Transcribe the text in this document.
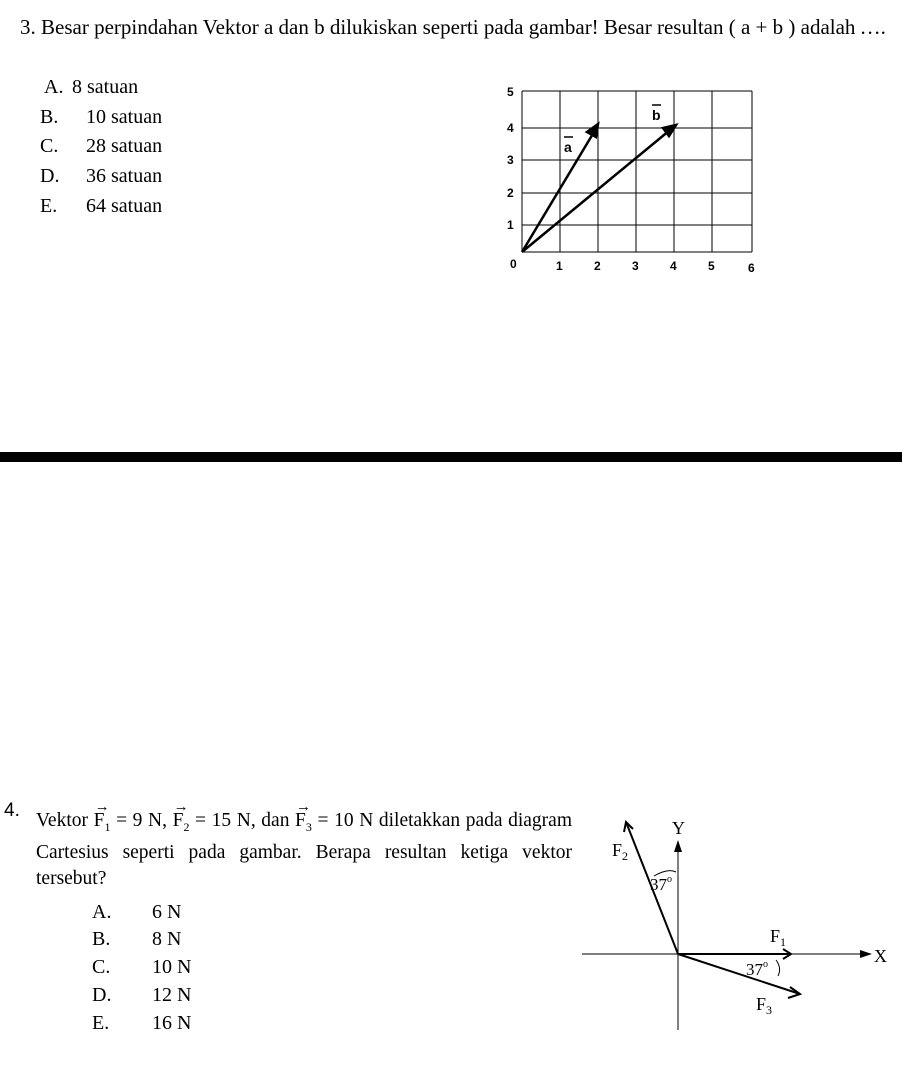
3. Besar perpindahan Vektor a dan b dilukiskan seperti pada gambar! Besar resultan ( a + b ) adalah ….
A. 8 satuan
B. 10 satuan
C. 28 satuan
D. 36 satuan
E. 64 satuan
5
4
3
2
1
0	1	2	3	4	5	6
a
b
4. Vektor → $F_1 = 9$ N, → $F_2 = 15$ N, dan → $F_3 = 10$ N diletakkan pada diagram Cartesius seperti pada gambar. Berapa resultan ketiga vektor tersebut?
A. 6 N
B. 8 N
C. 10 N
D. 12 N
E. 16 N
X
Y
$F_1$
$F_2$
$F_3$
37$^o$
37$^o$
